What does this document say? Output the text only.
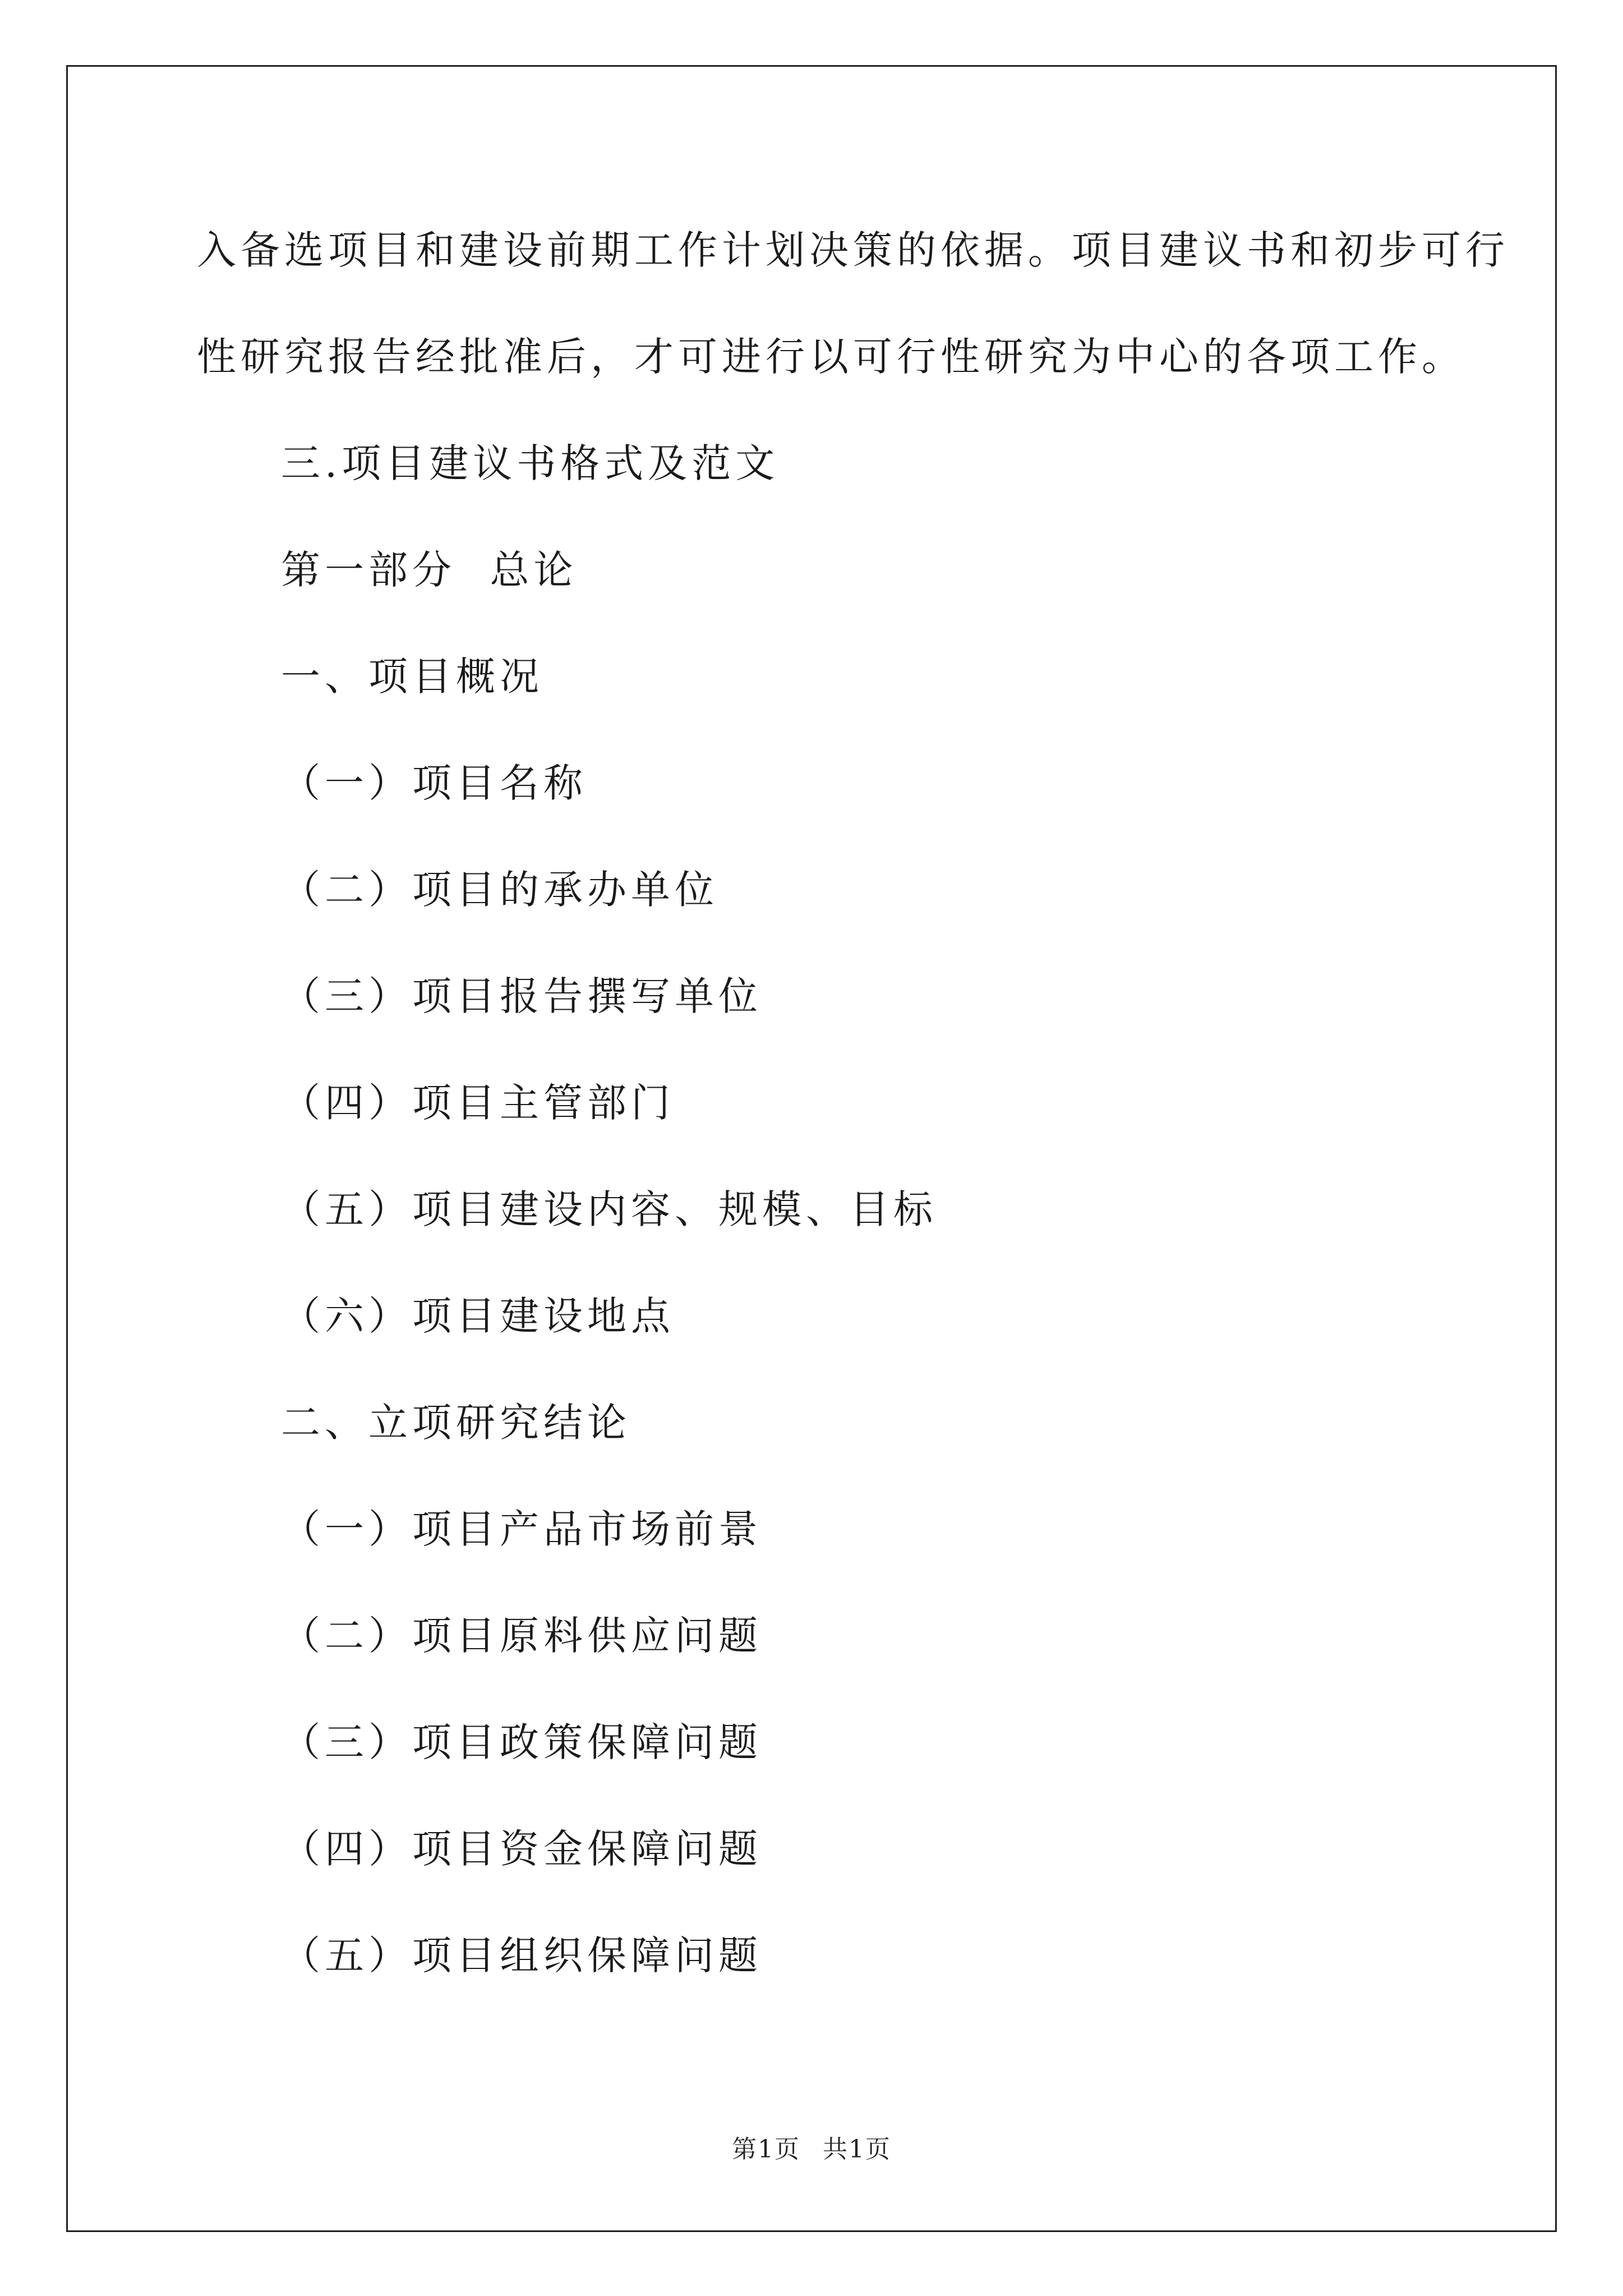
入备选项目和建设前期工作计划决策的依据。项目建议书和初步可行
性研究报告经批准后，才可进行以可行性研究为中心的各项工作。
三.项目建议书格式及范文
第一部分  总论
一、项目概况
（一）项目名称
（二）项目的承办单位
（三）项目报告撰写单位
（四）项目主管部门
（五）项目建设内容、规模、目标
（六）项目建设地点
二、立项研究结论
（一）项目产品市场前景
（二）项目原料供应问题
（三）项目政策保障问题
（四）项目资金保障问题
（五）项目组织保障问题
第1页 共1页
